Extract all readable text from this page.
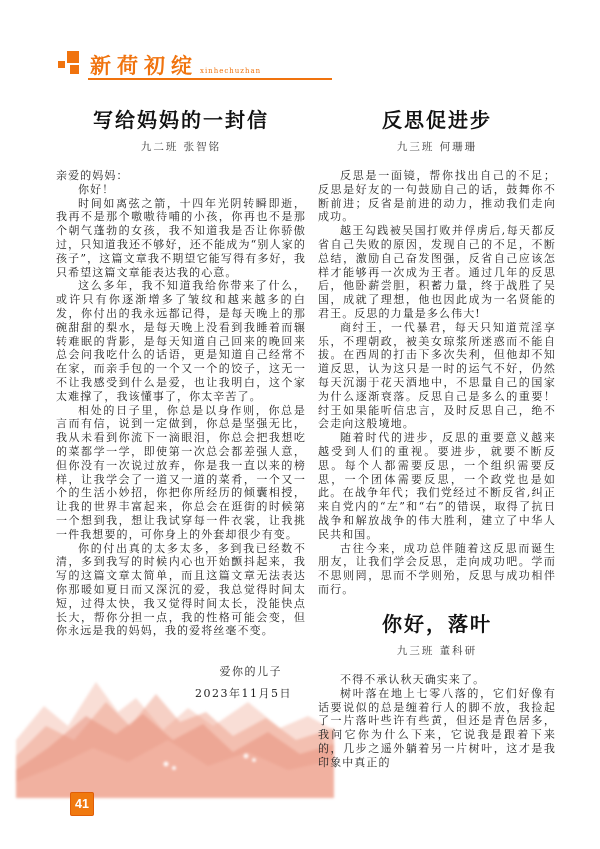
新荷初绽 xinhechuzhan
写给妈妈的一封信
九二班 张智铭

亲爱的妈妈：

你好！

时间如离弦之箭，十四年光阴转瞬即逝，我再不是那个嗷嗷待哺的小孩，你再也不是那个朝气蓬勃的女孩，我不知道我是否让你骄傲过，只知道我还不够好，还不能成为“别人家的孩子”，这篇文章我不期望它能写得有多好，我只希望这篇文章能表达我的心意。

这么多年，我不知道我给你带来了什么，或许只有你逐渐增多了皱纹和越来越多的白发，你付出的我永远都记得，是每天晚上的那碗甜甜的梨水，是每天晚上没看到我睡着而辗转难眠的背影，是每天知道自己回来的晚回来总会问我吃什么的话语，更是知道自己经常不在家，而亲手包的一个又一个的饺子，这无一不让我感受到什么是爱，也让我明白，这个家太难撑了，我该懂事了，你太辛苦了。

相处的日子里，你总是以身作则，你总是言而有信，说到一定做到，你总是坚强无比，我从未看到你流下一滴眼泪，你总会把我想吃的菜都学一学，即使第一次总会都差强人意，但你没有一次说过放弃，你是我一直以来的榜样，让我学会了一道又一道的菜肴，一个又一个的生活小妙招，你把你所经历的倾囊相授，让我的世界丰富起来，你总会在逛街的时候第一个想到我，想让我试穿每一件衣裳，让我挑一件我想要的，可你身上的外套却很少有变。

你的付出真的太多太多，多到我已经数不清，多到我写的时候内心也开始颤抖起来，我写的这篇文章太简单，而且这篇文章无法表达你那暖如夏日而又深沉的爱，我总觉得时间太短，过得太快，我又觉得时间太长，没能快点长大，帮你分担一点，我的性格可能会变，但你永远是我的妈妈，我的爱将丝毫不变。

爱你的儿子
2023年11月5日
反思促进步
九三班 何珊珊

反思是一面镜，帮你找出自己的不足；反思是好友的一句鼓励自己的话，鼓舞你不断前进；反省是前进的动力，推动我们走向成功。

越王勾践被吴国打败并俘虏后,每天都反省自己失败的原因，发现自己的不足，不断总结，激励自己奋发图强，反省自己应该怎样才能够再一次成为王者。通过几年的反思后，他卧薪尝胆，积蓄力量，终于战胜了吴国，成就了理想，他也因此成为一名贤能的君王。反思的力量是多么伟大!

商纣王，一代暴君，每天只知道荒淫享乐，不理朝政，被美女琼浆所迷惑而不能自拔。在西周的打击下多次失利，但他却不知道反思，认为这只是一时的运气不好，仍然每天沉溺于花天酒地中，不思量自己的国家为什么逐渐衰落。反思自己是多么的重要！纣王如果能听信忠言，及时反思自己，绝不会走向这般境地。

随着时代的进步，反思的重要意义越来越受到人们的重视。要进步，就要不断反思。每个人都需要反思，一个组织需要反思，一个团体需要反思，一个政党也是如此。在战争年代；我们党经过不断反省,纠正来自党内的“左”和“右”的错误，取得了抗日战争和解放战争的伟大胜利，建立了中华人民共和国。

古往今来，成功总伴随着这反思而诞生朋友，让我们学会反思，走向成功吧。学而不思则罔，思而不学则殆，反思与成功相伴而行。

你好，落叶
九三班 董科研

不得不承认秋天确实来了。

树叶落在地上七零八落的，它们好像有话要说似的总是缠着行人的脚不放，我捡起了一片落叶些许有些黄，但还是青色居多，我问它你为什么下来，它说我是跟着下来的，几步之遥外躺着另一片树叶，这才是我印象中真正的

41
